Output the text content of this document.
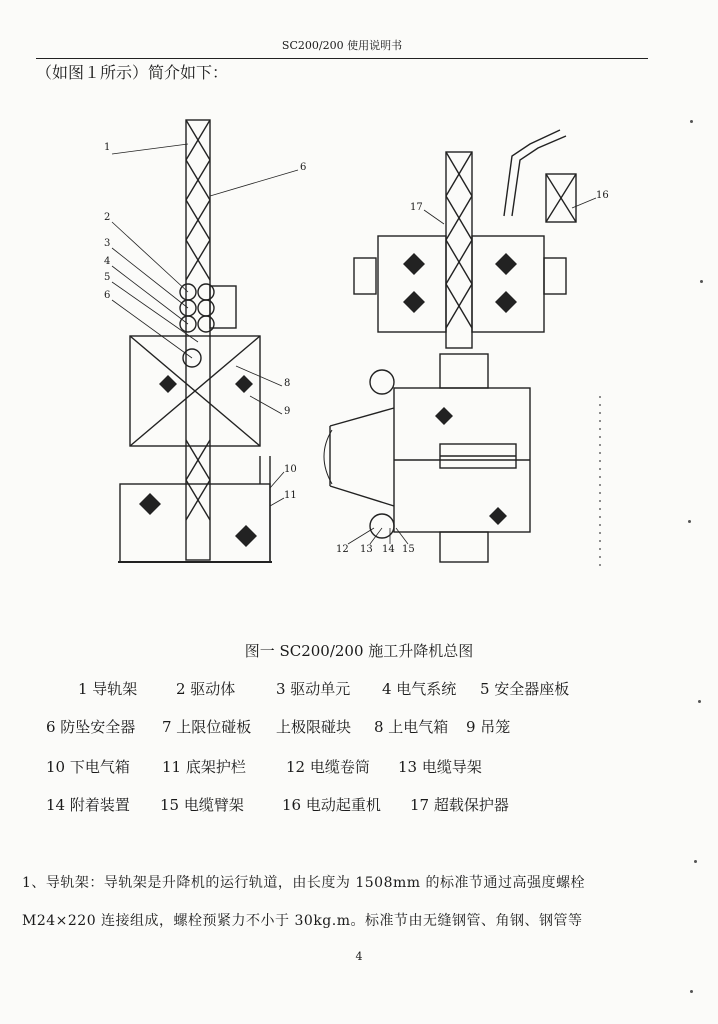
SC200/200 使用说明书
（如图１所示）简介如下：
1
2
3
4
5
6
6
8
9
10
11
17
16
12 13 14 15
图一 SC200/200 施工升降机总图
1 导轨架	2 驱动体	3 驱动单元 4 电气系统 5 安全器座板
6 防坠安全器 7 上限位碰板 上极限碰块 8 上电气箱 9 吊笼
10 下电气箱 11 底架护栏	12 电缆卷筒 13 电缆导架
14 附着装置 15 电缆臂架	16 电动起重机 17 超载保护器
1、导轨架：导轨架是升降机的运行轨道，由长度为 1508mm 的标准节通过高强度螺栓
M24×220 连接组成，螺栓预紧力不小于 30kg.m。标准节由无缝钢管、角钢、钢管等
4
